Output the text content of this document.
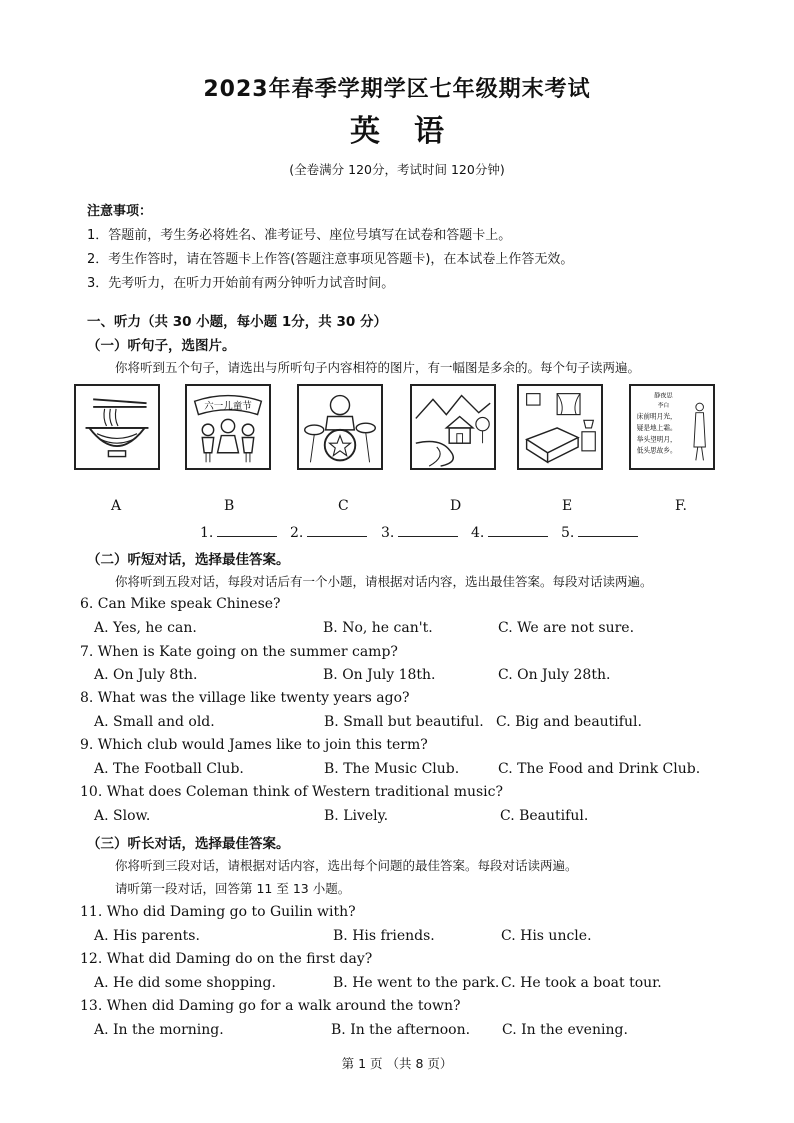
2023年春季学期学区七年级期末考试
英语
(全卷满分 120分，考试时间 120分钟)
注意事项：
1．答题前，考生务必将姓名、准考证号、座位号填写在试卷和答题卡上。
2．考生作答时，请在答题卡上作答(答题注意事项见答题卡)，在本试卷上作答无效。
3．先考听力，在听力开始前有两分钟听力试音时间。
一、听力（共 30 小题，每小题 1分，共 30 分）
（一）听句子，选图片。
你将听到五个句子，请选出与所听句子内容相符的图片，有一幅图是多余的。每个句子读两遍。
六一儿童节
静夜思
李白
床前明月光，
疑是地上霜。
举头望明月，
低头思故乡。
A	B	C	D	E	F.
1.	2.	3.	4.	5.
（二）听短对话，选择最佳答案。
你将听到五段对话，每段对话后有一个小题，请根据对话内容，选出最佳答案。每段对话读两遍。
6. Can Mike speak Chinese?
A. Yes, he can.	B. No, he can't.	C. We are not sure.
7. When is Kate going on the summer camp?
A. On July 8th.	B. On July 18th.	C. On July 28th.
8. What was the village like twenty years ago?
A. Small and old.	B. Small but beautiful. C. Big and beautiful.
9. Which club would James like to join this term?
A. The Football Club.	B. The Music Club.	C. The Food and Drink Club.
10. What does Coleman think of Western traditional music?
A. Slow.	B. Lively.	C. Beautiful.
（三）听长对话，选择最佳答案。
你将听到三段对话，请根据对话内容，选出每个问题的最佳答案。每段对话读两遍。
请听第一段对话，回答第 11 至 13 小题。
11. Who did Daming go to Guilin with?
A. His parents.	B. His friends.	C. His uncle.
12. What did Daming do on the first day?
A. He did some shopping.	B. He went to the park. C. He took a boat tour.
13. When did Daming go for a walk around the town?
A. In the morning.	B. In the afternoon. C. In the evening.
第 1 页 （共 8 页）
